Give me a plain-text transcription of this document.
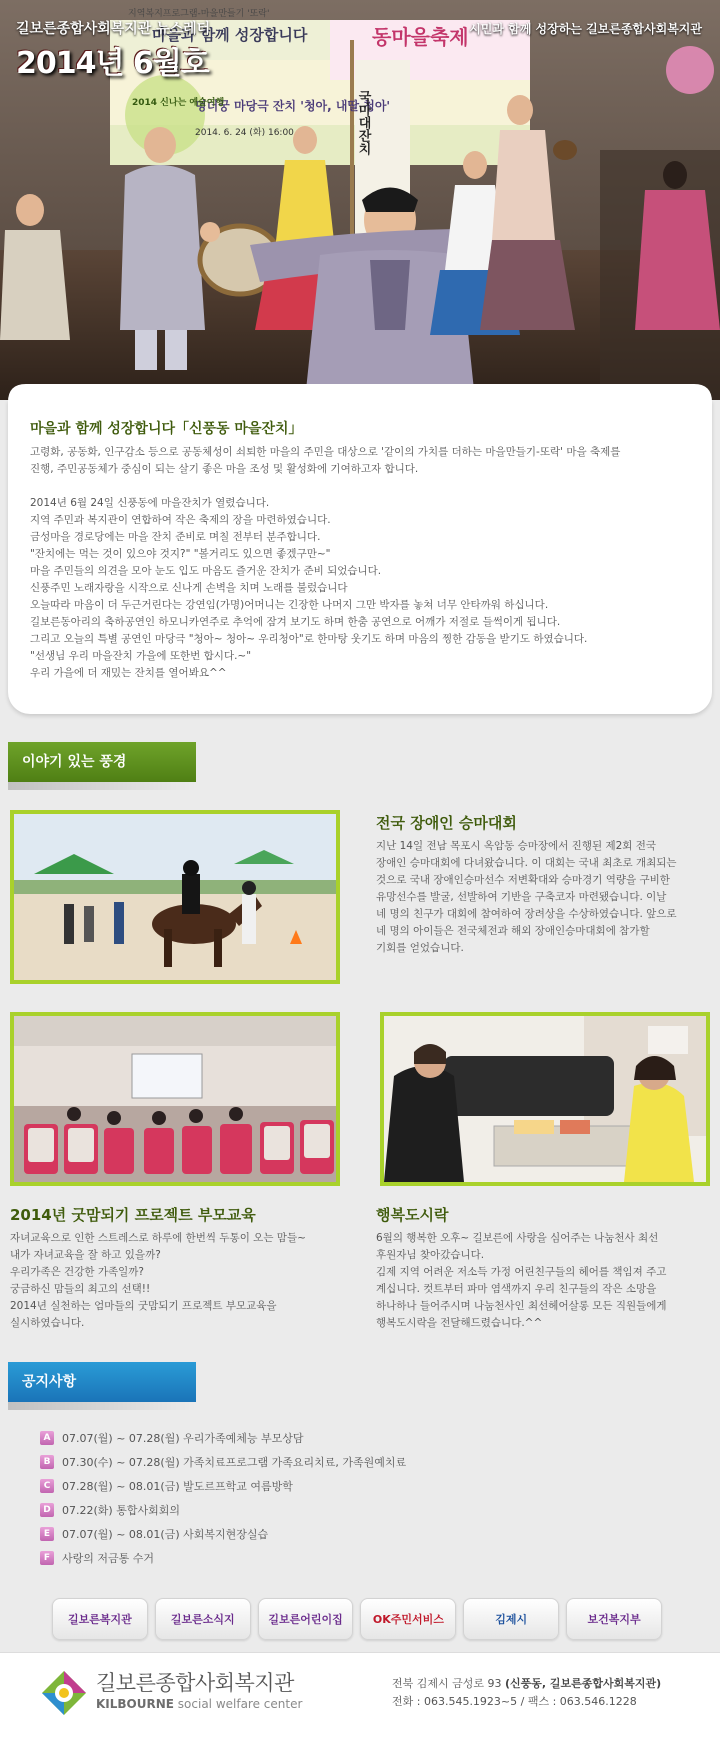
지역복지프로그램-마을만들기 '또락'
마을과 함께 성장합니다	동마을축제
덩더꿍 마당극 잔치 '청아, 내딸 청아'
2014. 6. 24 (화) 16:00
2014 신나는 예술여행	국마대잔치
길보른종합사회복지관 뉴스레터
2014년 6월호
시민과 함께 성장하는 길보른종합사회복지관
마을과 함께 성장합니다「신풍동 마을잔치」
고령화, 공동화, 인구감소 등으로 공동체성이 쇠퇴한 마을의 주민을 대상으로 '같이의 가치를 더하는 마을만들기-또락' 마을 축제를
진행, 주민공동체가 중심이 되는 살기 좋은 마을 조성 및 활성화에 기여하고자 합니다.
2014년 6월 24일 신풍동에 마을잔치가 열렸습니다.
지역 주민과 복지관이 연합하여 작은 축제의 장을 마련하였습니다.
금성마을 경로당에는 마을 잔치 준비로 며칠 전부터 분주합니다.
"잔치에는 먹는 것이 있으야 것지?" "볼거리도 있으면 좋겠구만~"
마을 주민들의 의견을 모아 눈도 입도 마음도 즐거운 잔치가 준비 되었습니다.
신풍주민 노래자랑을 시작으로 신나게 손벽을 치며 노래를 불렀습니다
오늘따라 마음이 더 두근거린다는 강연임(가명)어머니는 긴장한 나머지 그만 박자를 놓쳐 너무 안타까워 하십니다.
길보른동아리의 축하공연인 하모니카연주로 추억에 잠겨 보기도 하며 한춤 공연으로 어깨가 저절로 들썩이게 됩니다.
그리고 오늘의 특별 공연인 마당극 "청아~ 청아~ 우리청아"로 한마탕 웃기도 하며 마음의 찡한 감동을 받기도 하였습니다.
"선생님 우리 마을잔치 가을에 또한번 합시다.~"
우리 가을에 더 재밌는 잔치를 열어봐요^^
이야기 있는 풍경
전국 장애인 승마대회
지난 14일 전남 목포시 옥암동 승마장에서 진행된 제2회 전국
장애인 승마대회에 다녀왔습니다. 이 대회는 국내 최초로 개최되는
것으로 국내 장애인승마선수 저변확대와 승마경기 역량을 구비한
유망선수를 발굴, 선발하여 기반을 구축코자 마련됐습니다. 이날
네 명의 친구가 대회에 참여하여 장려상을 수상하였습니다. 앞으로
네 명의 아이들은 전국체전과 해외 장애인승마대회에 참가할
기회를 얻었습니다.
2014년 굿맘되기 프로젝트 부모교육
자녀교육으로 인한 스트레스로 하루에 한번씩 두통이 오는 맘들~
내가 자녀교육을 잘 하고 있을까?
우리가족은 건강한 가족일까?
궁금하신 맘들의 최고의 선택!!
2014년 실천하는 엄마들의 굿맘되기 프로젝트 부모교육을
실시하였습니다.
행복도시락
6월의 행복한 오후~ 길보른에 사랑을 심어주는 나눔천사 최선
후원자님 찾아갔습니다.
김제 지역 어려운 저소득 가정 어린친구들의 헤어를 책임져 주고
계십니다. 컷트부터 파마 염색까지 우리 친구들의 작은 소망을
하나하나 들어주시며 나눔천사인 최선헤어살롱 모든 직원들에게
행복도시락을 전달해드렸습니다.^^
공지사항
A	07.07(월) ~ 07.28(월) 우리가족예체능 부모상담
B	07.30(수) ~ 07.28(월) 가족치료프로그램 가족요리치료, 가족원예치료
C	07.28(월) ~ 08.01(금) 발도르프학교 여름방학
D 07.22(화) 통합사회회의
E	07.07(월) ~ 08.01(금) 사회복지현장실습
F	사랑의 저금통 수거
길보른복지관	길보른소식지	길보른어린이집	OK주민서비스	김제시	보건복지부
길보른종합사회복지관
KILBOURNE social welfare center
전북 김제시 금성로 93 (신풍동, 길보른종합사회복지관)
전화 : 063.545.1923~5 / 팩스 : 063.546.1228
